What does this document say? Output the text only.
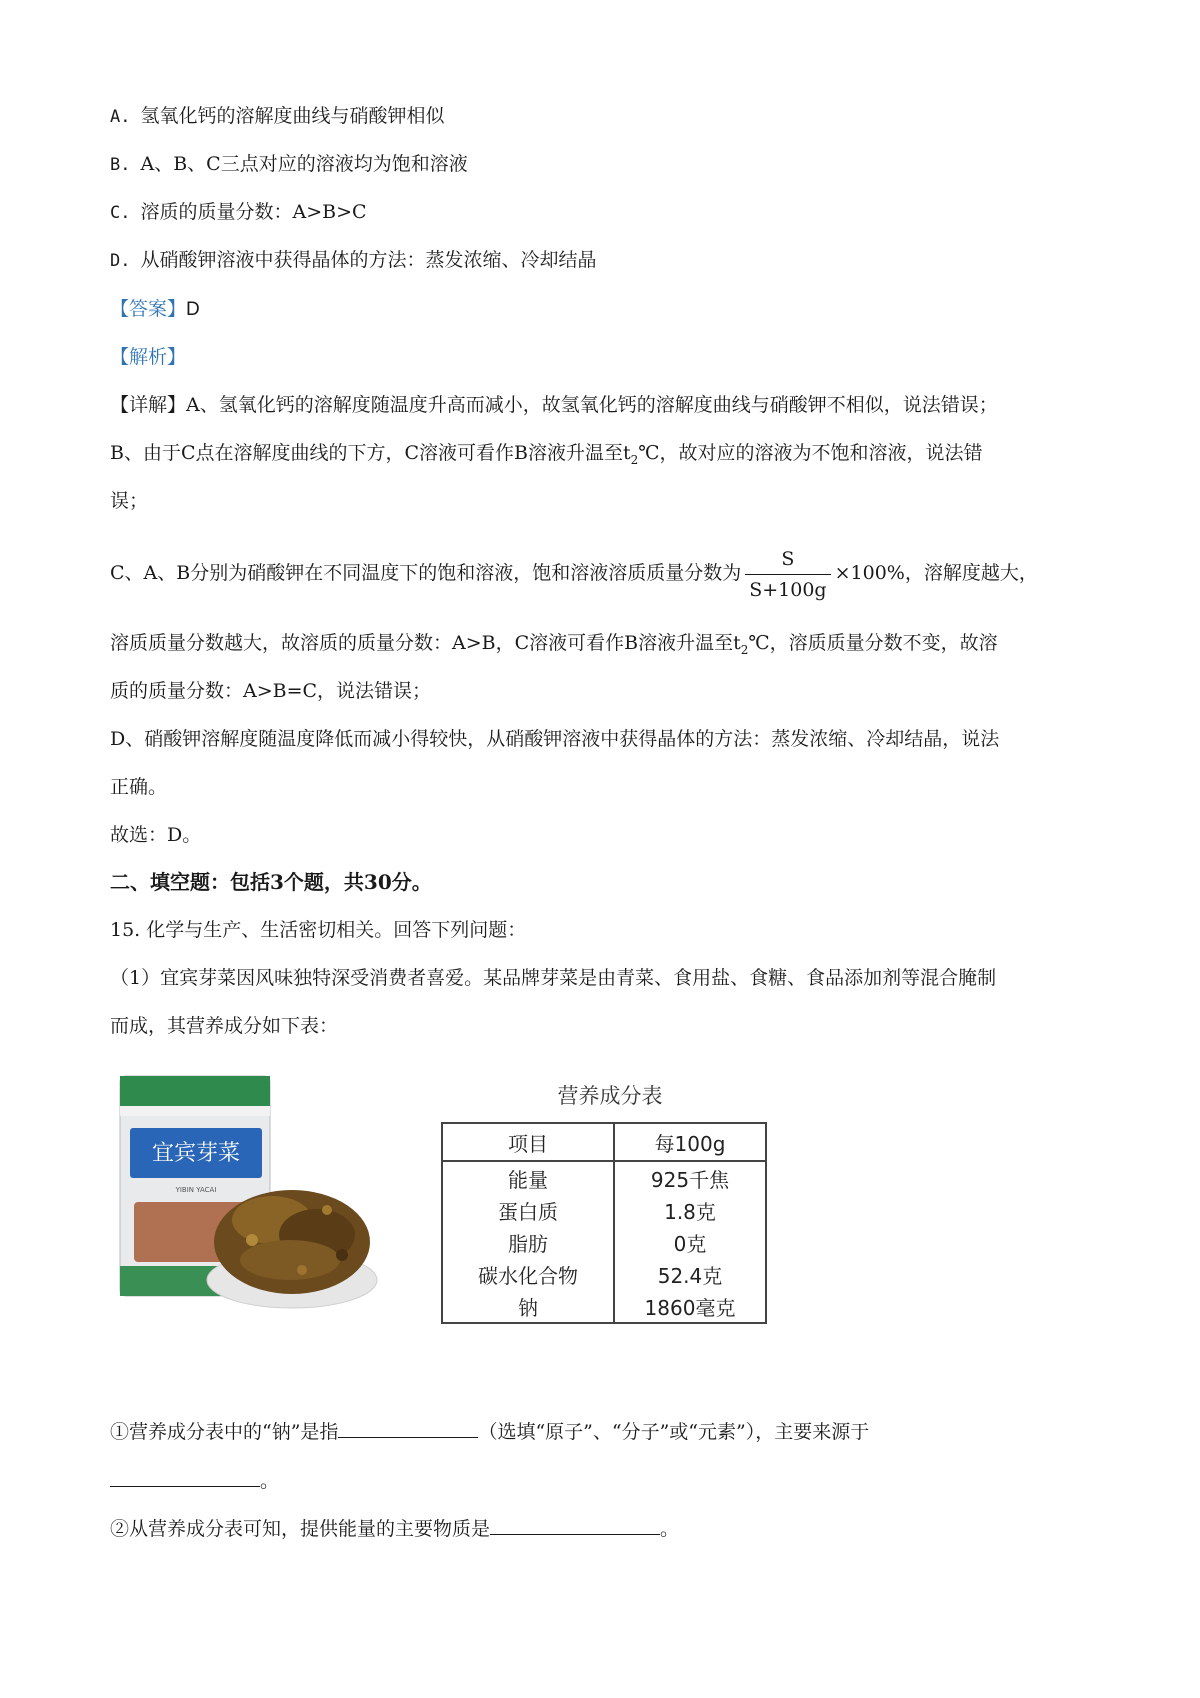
A. 氢氧化钙的溶解度曲线与硝酸钾相似
B. A、B、C三点对应的溶液均为饱和溶液
C. 溶质的质量分数：A>B>C
D. 从硝酸钾溶液中获得晶体的方法：蒸发浓缩、冷却结晶
【答案】D
【解析】
【详解】A、氢氧化钙的溶解度随温度升高而减小，故氢氧化钙的溶解度曲线与硝酸钾不相似，说法错误；
B、由于C点在溶解度曲线的下方，C溶液可看作B溶液升温至$t_2℃$，故对应的溶液为不饱和溶液，说法错
误；
C、A、B分别为硝酸钾在不同温度下的饱和溶液，饱和溶液溶质质量分数为 $\frac{S}{S+100g} \times 100\%$，溶解度越大，
溶质质量分数越大，故溶质的质量分数：A>B，C溶液可看作B溶液升温至$t_2℃$，溶质质量分数不变，故溶
质的质量分数：A>B=C，说法错误；
D、硝酸钾溶解度随温度降低而减小得较快，从硝酸钾溶液中获得晶体的方法：蒸发浓缩、冷却结晶，说法
正确。
故选：D。
二、填空题：包括3个题，共30分。
15. 化学与生产、生活密切相关。回答下列问题：
（1）宜宾芽菜因风味独特深受消费者喜爱。某品牌芽菜是由青菜、食用盐、食糖、食品添加剂等混合腌制
而成，其营养成分如下表：
宜宾芽菜
YIBIN YACAI
营养成分表
项目	每100g
能量	925千焦
蛋白质	1.8克
脂肪	0克
碳水化合物	52.4克
钠	1860毫克
①营养成分表中的“钠”是指	（选填“原子”、“分子”或“元素”），主要来源于
。
②从营养成分表可知，提供能量的主要物质是	。
